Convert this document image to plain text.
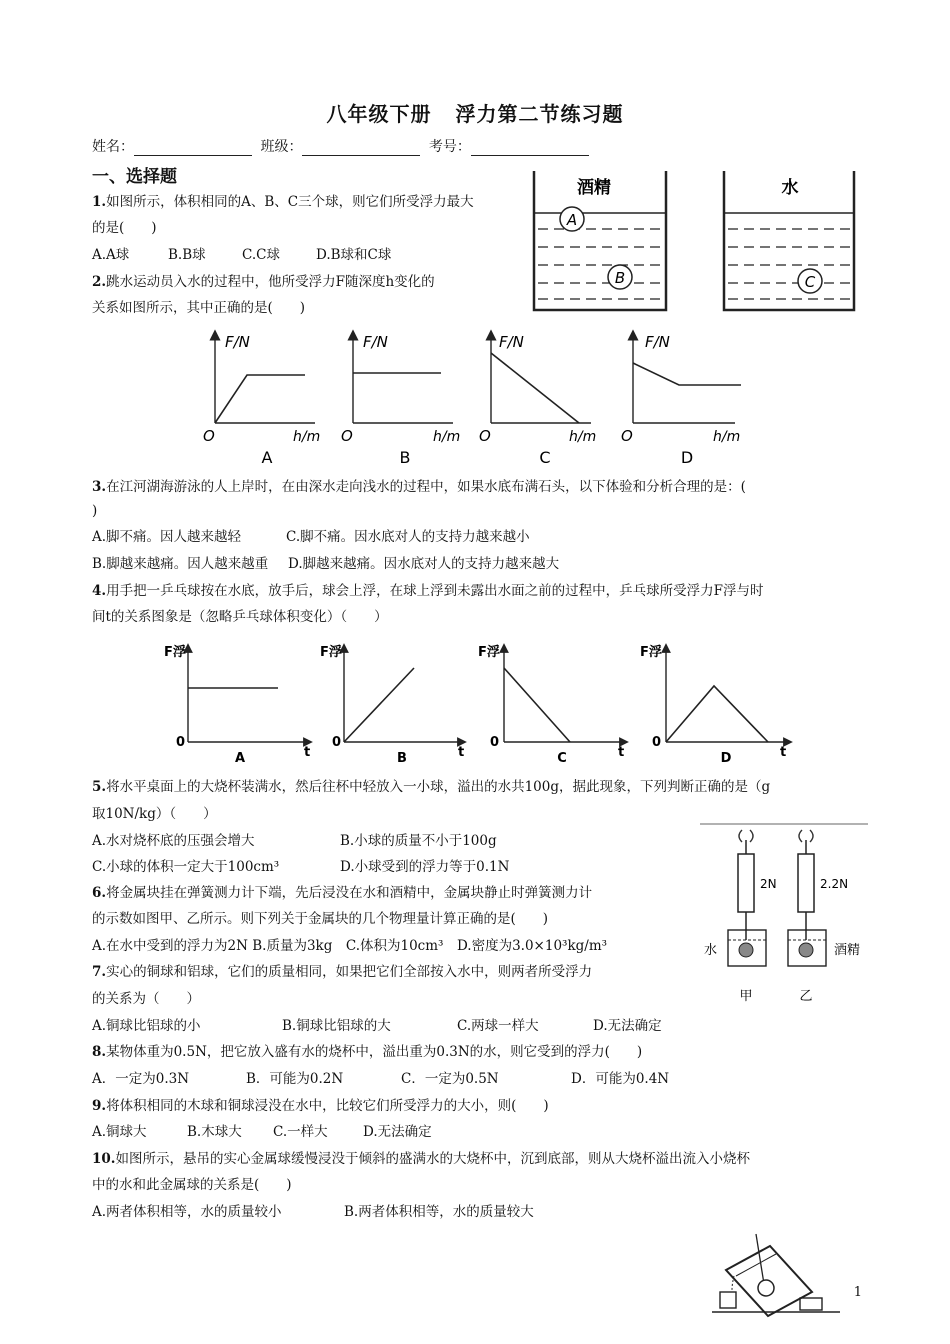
八年级下册 浮力第二节练习题
姓名：	班级：	考号：
一、选择题
1.如图所示，体积相同的A、B、C三个球，则它们所受浮力最大
的是(　　)
A.A球	B.B球	C.C球	D.B球和C球
A
B
酒精
C
水
2.跳水运动员入水的过程中，他所受浮力F随深度h变化的
关系如图所示，其中正确的是(　　)
F/N
O	h/m
A
F/N
O	h/m
B
F/N
O	h/m
C
F/N
O	h/m
D
3.在江河湖海游泳的人上岸时，在由深水走向浅水的过程中，如果水底布满石头，以下体验和分析合理的是：(
)
A.脚不痛。因人越来越轻	C.脚不痛。因水底对人的支持力越来越小
B.脚越来越痛。因人越来越重 D.脚越来越痛。因水底对人的支持力越来越大
4.用手把一乒乓球按在水底，放手后，球会上浮，在球上浮到未露出水面之前的过程中，乒乓球所受浮力F浮与时
间t的关系图象是（忽略乒乓球体积变化）（　　）
F浮
0
t
A
F浮
0
t
B
F浮
0
t
C
F浮
0
t
D
5.将水平桌面上的大烧杯装满水，然后往杯中轻放入一小球，溢出的水共100g，据此现象，下列判断正确的是（g
取10N/kg）（　　）
A.水对烧杯底的压强会增大	B.小球的质量不小于100g
C.小球的体积一定大于100cm³	D.小球受到的浮力等于0.1N
2N
水
甲
2.2N
酒精
乙
6.将金属块挂在弹簧测力计下端，先后浸没在水和酒精中，金属块静止时弹簧测力计
的示数如图甲、乙所示。则下列关于金属块的几个物理量计算正确的是(　　)
A.在水中受到的浮力为2N B.质量为3kg　C.体积为10cm³　D.密度为3.0×10³kg/m³
7.实心的铜球和铝球，它们的质量相同，如果把它们全部按入水中，则两者所受浮力
的关系为（　　）
A.铜球比铝球的小	B.铜球比铝球的大	C.两球一样大	D.无法确定
8.某物体重为0.5N，把它放入盛有水的烧杯中，溢出重为0.3N的水，则它受到的浮力(　　)
A．一定为0.3N	B．可能为0.2N	C．一定为0.5N	D．可能为0.4N
9.将体积相同的木球和铜球浸没在水中，比较它们所受浮力的大小，则(　　)
A.铜球大	B.木球大 C.一样大	D.无法确定
10.如图所示，悬吊的实心金属球缓慢浸没于倾斜的盛满水的大烧杯中，沉到底部，则从大烧杯溢出流入小烧杯
中的水和此金属球的关系是(　　)
A.两者体积相等，水的质量较小	B.两者体积相等，水的质量较大
1
